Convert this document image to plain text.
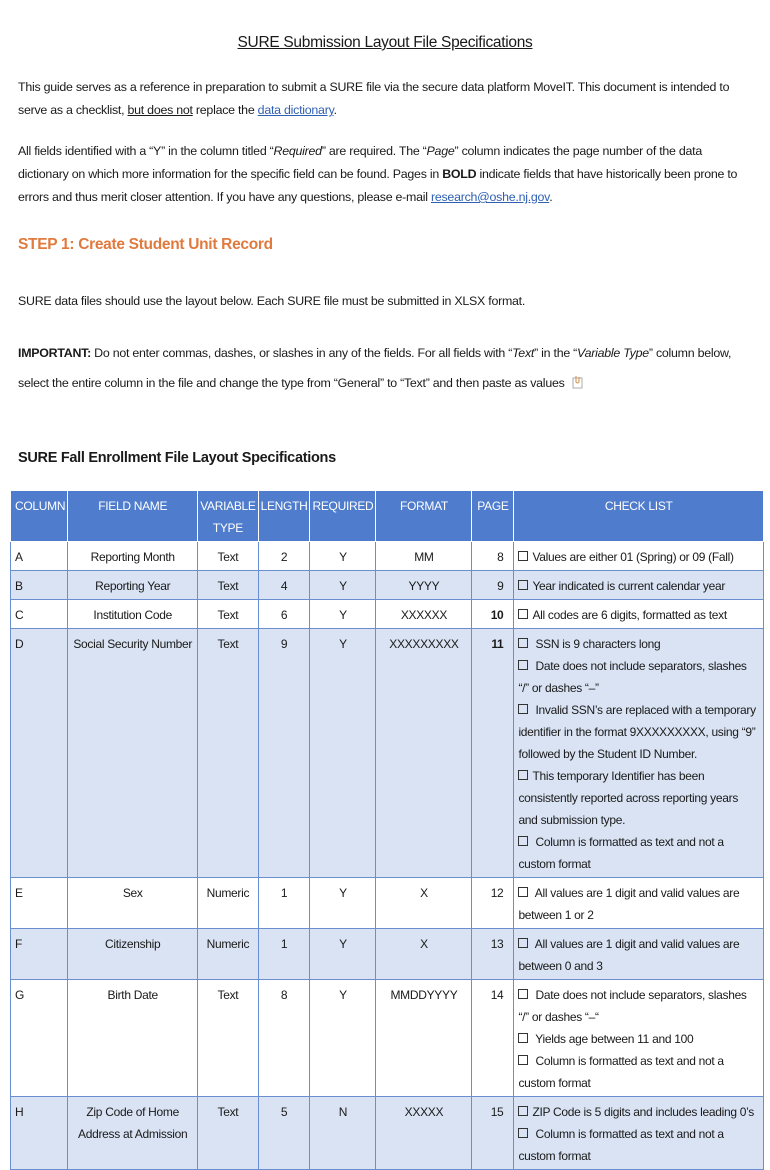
SURE Submission Layout File Specifications
This guide serves as a reference in preparation to submit a SURE file via the secure data platform MoveIT. This document is intended to serve as a checklist, but does not replace the data dictionary.
All fields identified with a “Y” in the column titled “Required” are required. The “Page” column indicates the page number of the data dictionary on which more information for the specific field can be found. Pages in BOLD indicate fields that have historically been prone to errors and thus merit closer attention. If you have any questions, please e-mail research@oshe.nj.gov.
STEP 1: Create Student Unit Record
SURE data files should use the layout below. Each SURE file must be submitted in XLSX format.
IMPORTANT: Do not enter commas, dashes, or slashes in any of the fields. For all fields with “Text” in the “Variable Type” column below, select the entire column in the file and change the type from “General” to “Text” and then paste as values
SURE Fall Enrollment File Layout Specifications
COLUMN	FIELD NAME	VARIABLE TYPE	LENGTH	REQUIRED	FORMAT	PAGE	CHECK LIST
A	Reporting Month	Text	2	Y	MM	8	Values are either 01 (Spring) or 09 (Fall)

B	Reporting Year	Text	4	Y	YYYY	9	Year indicated is current calendar year

C	Institution Code	Text	6	Y	XXXXXX	10	All codes are 6 digits, formatted as text

D	Social Security Number	Text	9	Y	XXXXXXXXX	11	SSN is 9 characters long
Date does not include separators, slashes “/” or dashes “–”
Invalid SSN’s are replaced with a temporary identifier in the format 9XXXXXXXXX, using “9” followed by the Student ID Number.
This temporary Identifier has been consistently reported across reporting years and submission type.
Column is formatted as text and not a custom format

E	Sex	Numeric	1	Y	X	12	All values are 1 digit and valid values are between 1 or 2

F	Citizenship	Numeric	1	Y	X	13	All values are 1 digit and valid values are between 0 and 3

G	Birth Date	Text	8	Y	MMDDYYYY	14	Date does not include separators, slashes “/” or dashes “–“
Yields age between 11 and 100
Column is formatted as text and not a custom format

H	Zip Code of Home Address at Admission	Text	5	N	XXXXX	15	ZIP Code is 5 digits and includes leading 0’s
Column is formatted as text and not a custom format
